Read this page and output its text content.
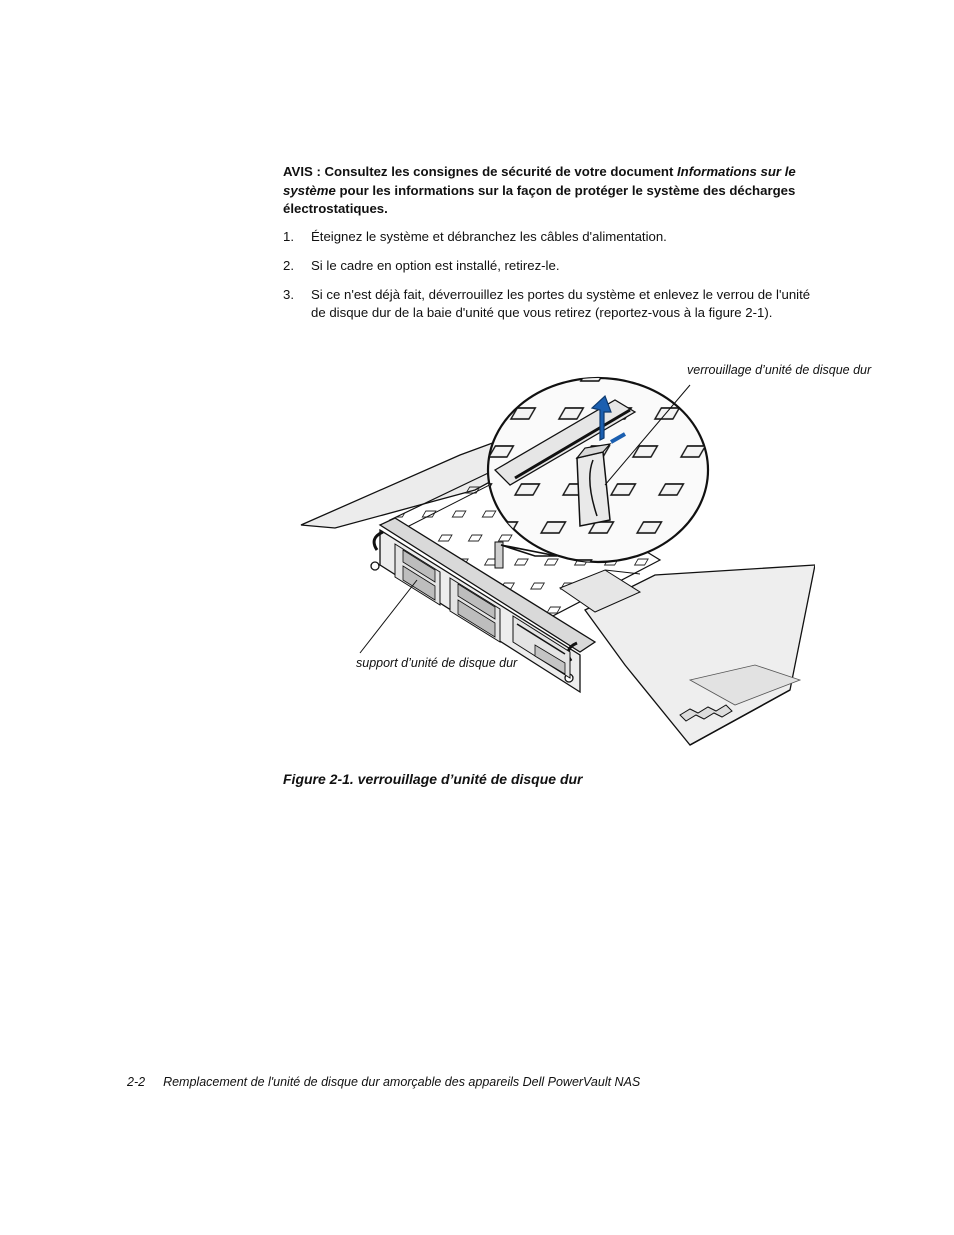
AVIS : Consultez les consignes de sécurité de votre document Informations sur le système pour les informations sur la façon de protéger le système des décharges électrostatiques.
1. Éteignez le système et débranchez les câbles d'alimentation.
2. Si le cadre en option est installé, retirez-le.
3. Si ce n'est déjà fait, déverrouillez les portes du système et enlevez le verrou de l'unité de disque dur de la baie d'unité que vous retirez (reportez-vous à la figure 2-1).
verrouillage d’unité de disque dur
support d’unité de disque dur
Figure 2-1. verrouillage d’unité de disque dur
2-2 Remplacement de l'unité de disque dur amorçable des appareils Dell PowerVault NAS
